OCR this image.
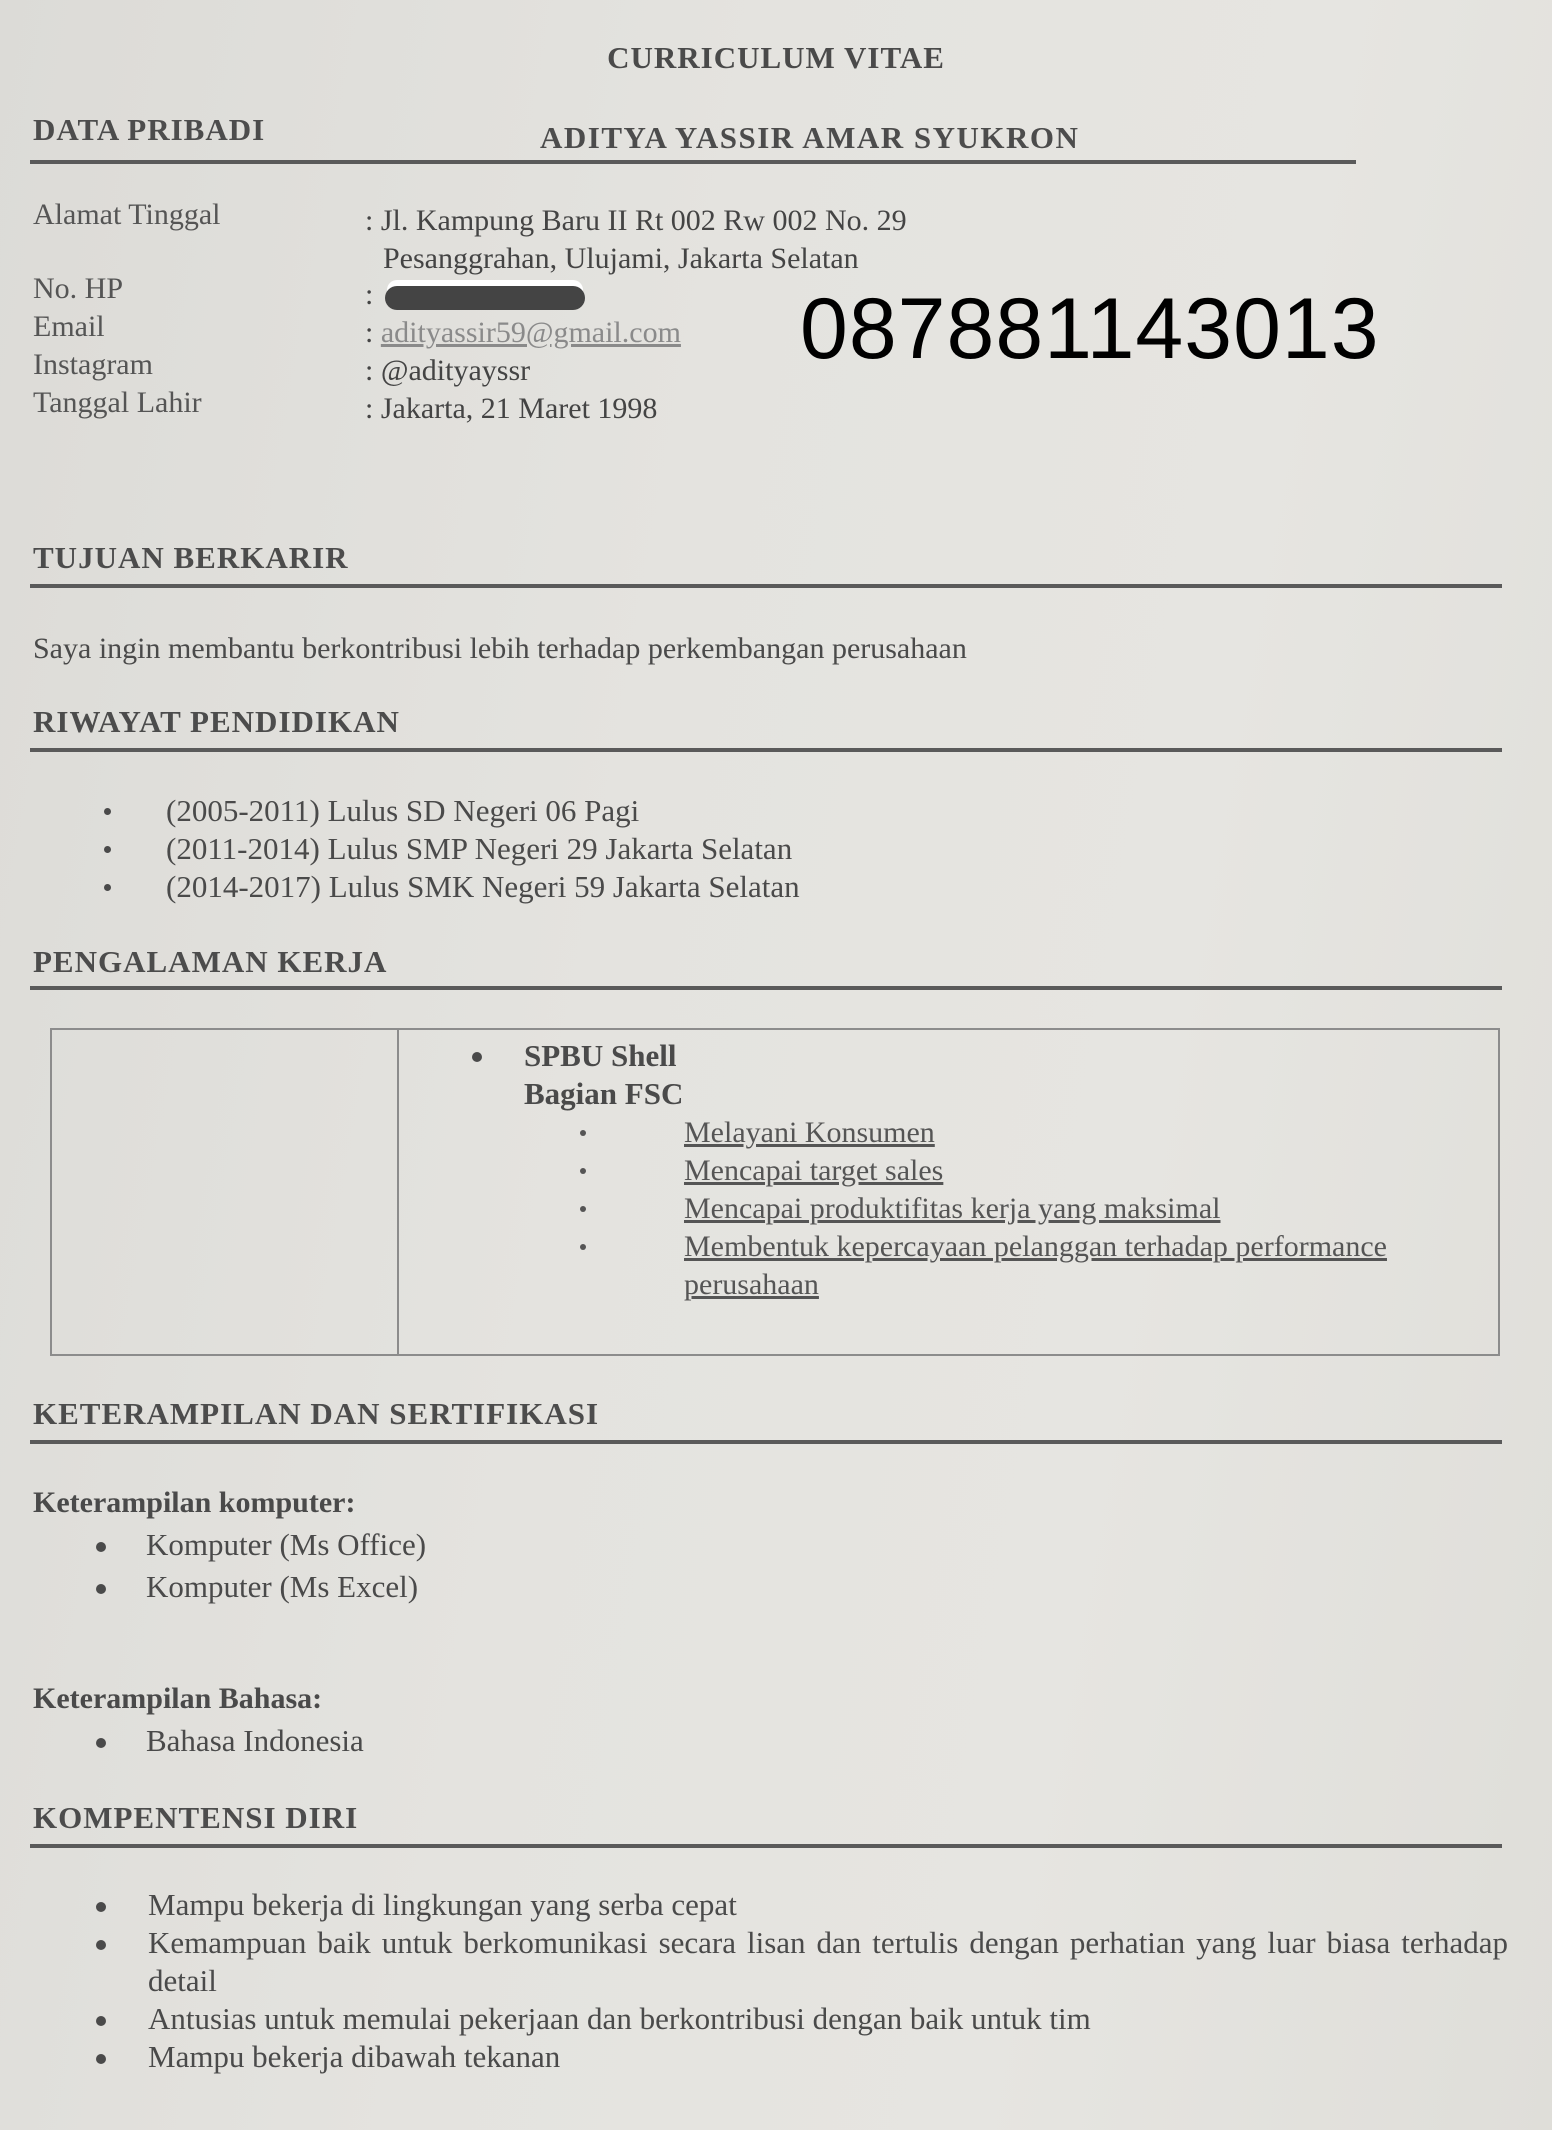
CURRICULUM VITAE
DATA PRIBADI	ADITYA YASSIR AMAR SYUKRON
Alamat Tinggal	: Jl. Kampung Baru II Rt 002 Rw 002 No. 29
Pesanggrahan, Ulujami, Jakarta Selatan
No. HP	:
Email	: adityassir59@gmail.com
Instagram	: @adityayssr
Tanggal Lahir	: Jakarta, 21 Maret 1998
087881143013
TUJUAN BERKARIR
Saya ingin membantu berkontribusi lebih terhadap perkembangan perusahaan
RIWAYAT PENDIDIKAN
(2005-2011) Lulus SD Negeri 06 Pagi
(2011-2014) Lulus SMP Negeri 29 Jakarta Selatan
(2014-2017) Lulus SMK Negeri 59 Jakarta Selatan
PENGALAMAN KERJA
SPBU Shell
Bagian FSC
Melayani Konsumen
Mencapai target sales
Mencapai produktifitas kerja yang maksimal
Membentuk kepercayaan pelanggan terhadap performance perusahaan
KETERAMPILAN DAN SERTIFIKASI
Keterampilan komputer:
Komputer (Ms Office)
Komputer (Ms Excel)
Keterampilan Bahasa:
Bahasa Indonesia
KOMPENTENSI DIRI
Mampu bekerja di lingkungan yang serba cepat
Kemampuan baik untuk berkomunikasi secara lisan dan tertulis dengan perhatian yang luar biasa terhadap detail
Antusias untuk memulai pekerjaan dan berkontribusi dengan baik untuk tim
Mampu bekerja dibawah tekanan
